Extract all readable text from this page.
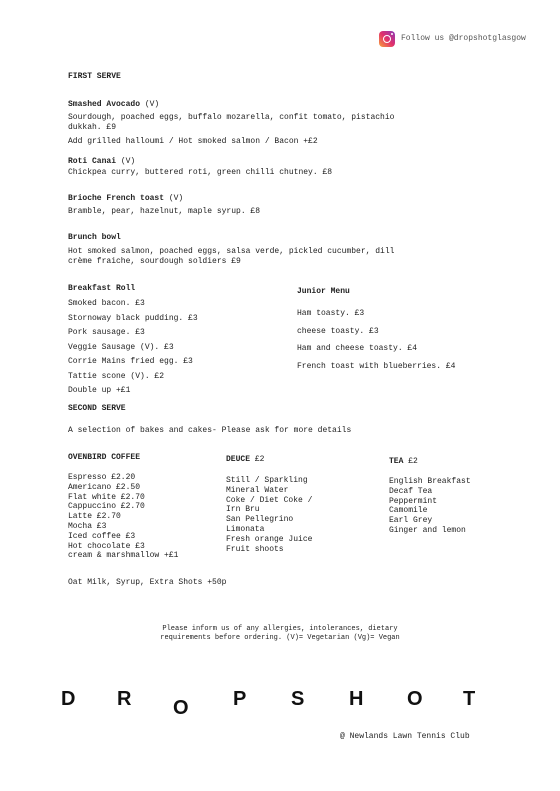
Follow us @dropshotglasgow
FIRST SERVE
Smashed Avocado (V)
Sourdough, poached eggs, buffalo mozarella, confit tomato, pistachio
dukkah. £9
Add grilled halloumi / Hot smoked salmon / Bacon +£2
Roti Canai (V)
Chickpea curry, buttered roti, green chilli chutney. £8
Brioche French toast (V)
Bramble, pear, hazelnut, maple syrup. £8
Brunch bowl
Hot smoked salmon, poached eggs, salsa verde, pickled cucumber, dill
crème fraiche, sourdough soldiers £9
Breakfast Roll

Smoked bacon. £3

Stornoway black pudding. £3

Pork sausage. £3

Veggie Sausage (V). £3

Corrie Mains fried egg. £3

Tattie scone (V). £2

Double up +£1

Junior Menu

Ham toasty. £3

cheese toasty. £3

Ham and cheese toasty. £4

French toast with blueberries. £4

SECOND SERVE
A selection of bakes and cakes- Please ask for more details
OVENBIRD COFFEE

Espresso £2.20

Americano £2.50

Flat white £2.70

Cappuccino £2.70

Latte £2.70

Mocha £3

Iced coffee £3

Hot chocolate £3

cream & marshmallow +£1

DEUCE £2

Still / Sparkling

Mineral Water

Coke / Diet Coke /

Irn Bru

San Pellegrino

Limonata

Fresh orange Juice

Fruit shoots

TEA £2

English Breakfast

Decaf Tea

Peppermint

Camomile

Earl Grey

Ginger and lemon

Oat Milk, Syrup, Extra Shots +50p
Please inform us of any allergies, intolerances, dietary
requirements before ordering. (V)= Vegetarian (Vg)= Vegan
D R O P S H O T
@ Newlands Lawn Tennis Club
